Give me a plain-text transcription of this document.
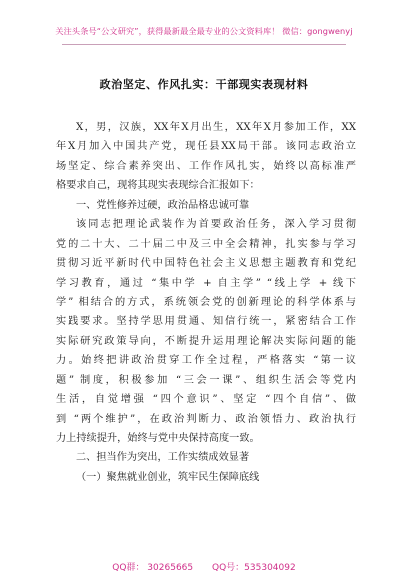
关注头条号“公文研究”，获得最新最全最专业的公文资料库！ 微信：gongwenyj
政治坚定、作风扎实：干部现实表现材料
X，男，汉族，XX年X月出生，XX年X月参加工作，XX
年X月加入中国共产党，现任县XX局干部。该同志政治立
场坚定、综合素养突出、工作作风扎实，始终以高标准严
格要求自己，现将其现实表现综合汇报如下：
一、党性修养过硬，政治品格忠诚可靠
该同志把理论武装作为首要政治任务，深入学习贯彻
党的二十大、二十届二中及三中全会精神，扎实参与学习
贯彻习近平新时代中国特色社会主义思想主题教育和党纪
学习教育，通过 “集中学 + 自主学” “线上学 + 线下
学” 相结合的方式，系统领会党的创新理论的科学体系与
实践要求。坚持学思用贯通、知信行统一，紧密结合工作
实际研究政策导向，不断提升运用理论解决实际问题的能
力。始终把讲政治贯穿工作全过程，严格落实 “第一议
题” 制度，积极参加 “三会一课”、组织生活会等党内
生活，自觉增强 “四个意识”、坚定 “四个自信”、做
到 “两个维护”，在政治判断力、政治领悟力、政治执行
力上持续提升，始终与党中央保持高度一致。
二、担当作为突出，工作实绩成效显著
（一）聚焦就业创业，筑牢民生保障底线
QQ群： 30265665 QQ号：535304092
